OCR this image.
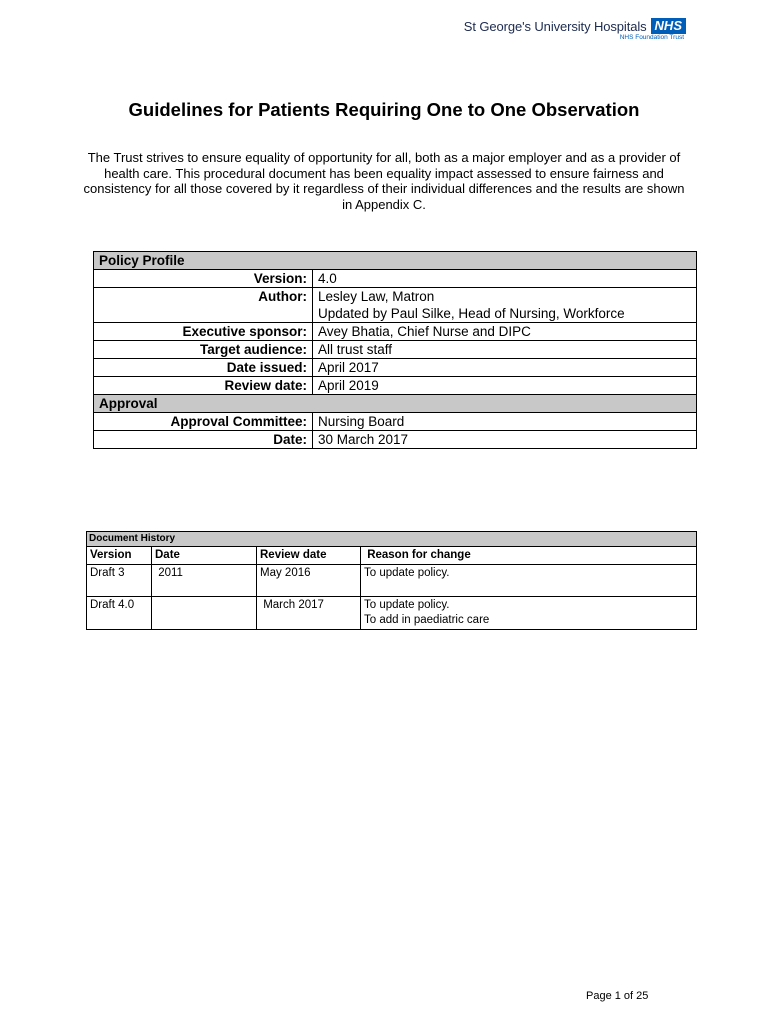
St George's University Hospitals NHS
NHS Foundation Trust
Guidelines for Patients Requiring One to One Observation

The Trust strives to ensure equality of opportunity for all, both as a major employer and as a provider of health care. This procedural document has been equality impact assessed to ensure fairness and consistency for all those covered by it regardless of their individual differences and the results are shown in Appendix C.

Policy Profile	
Version:	4.0
Author:	Lesley Law, Matron
Updated by Paul Silke, Head of Nursing, Workforce

Executive sponsor:	Avey Bhatia, Chief Nurse and DIPC
Target audience:	All trust staff
Date issued:	April 2017
Review date:	April 2019
Approval	
Approval Committee:	Nursing Board
Date:	30 March 2017
Document History			
Version	Date	Review date	Reason for change
Draft 3	2011	May 2016	To update policy.
Draft 4.0		March 2017	To update policy.
To add in paediatric care
Page 1 of 25
